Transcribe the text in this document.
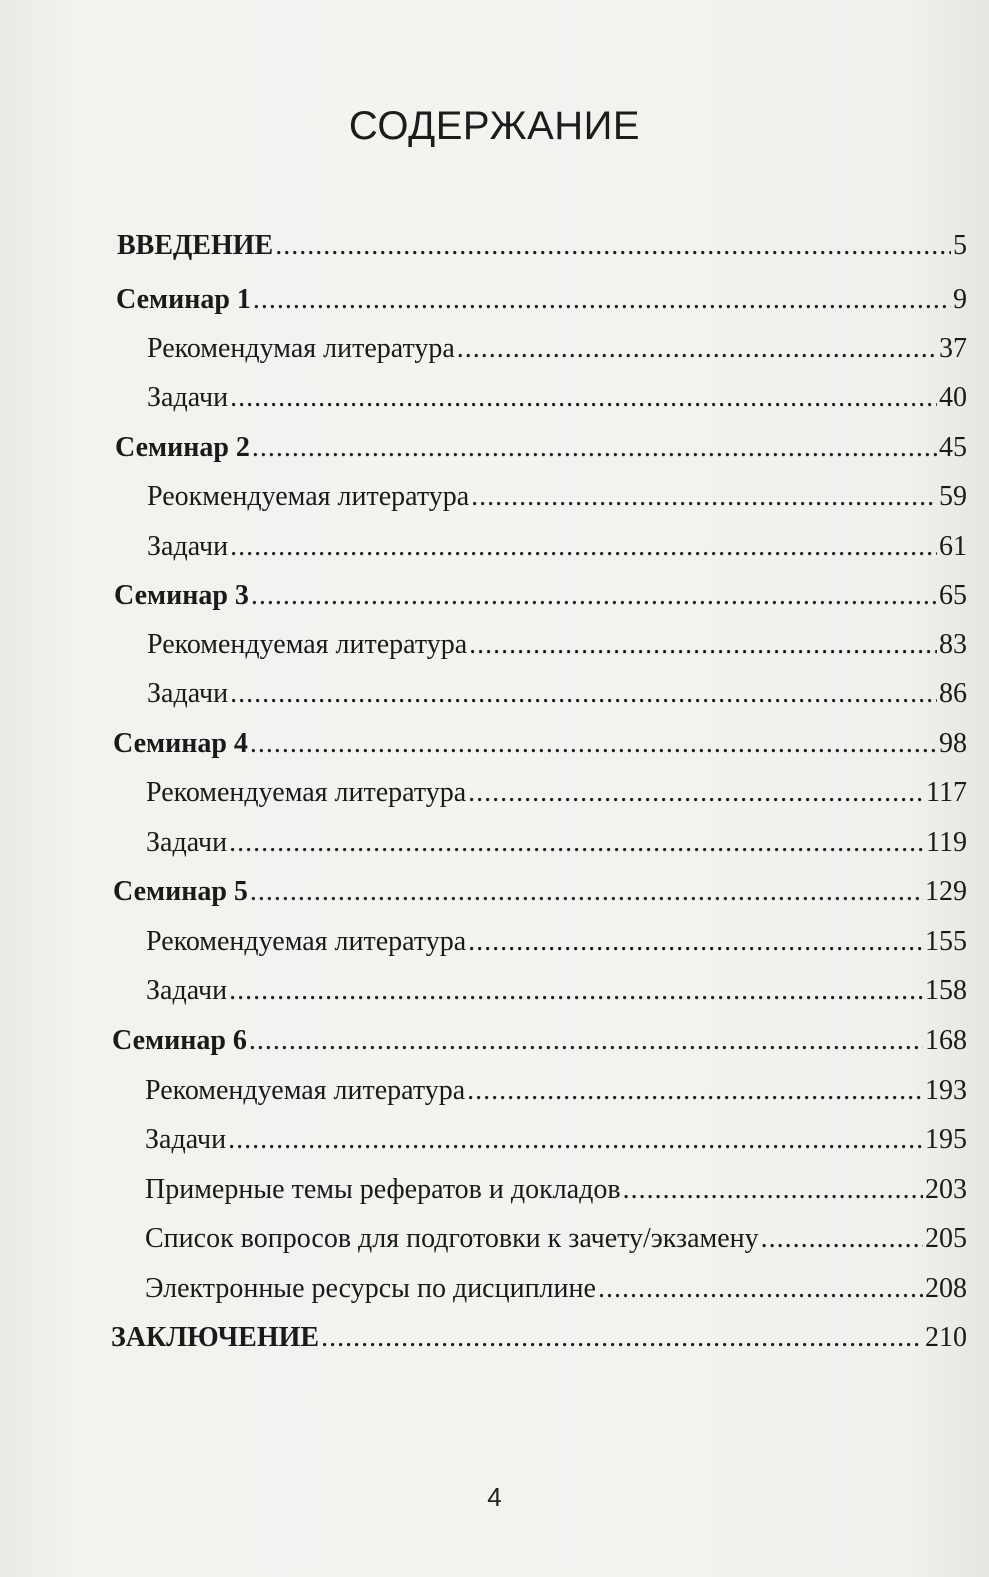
СОДЕРЖАНИЕ
ВВЕДЕНИЕ .....	5
Семинар 1 .....	9
Рекомендумая литература .....	37
Задачи .....	40
Семинар 2 .....	45
Реокмендуемая литература .....	59
Задачи .....	61
Семинар 3 .....	65
Рекомендуемая литература .....	83
Задачи .....	86
Семинар 4 .....	98
Рекомендуемая литература .....	117
Задачи .....	119
Семинар 5 .....	129
Рекомендуемая литература .....	155
Задачи .....	158
Семинар 6 .....	168
Рекомендуемая литература .....	193
Задачи .....	195
Примерные темы рефератов и докладов .....	203
Список вопросов для подготовки к зачету/экзамену .....	205
Электронные ресурсы по дисциплине .....	208
ЗАКЛЮЧЕНИЕ .....	210
4
